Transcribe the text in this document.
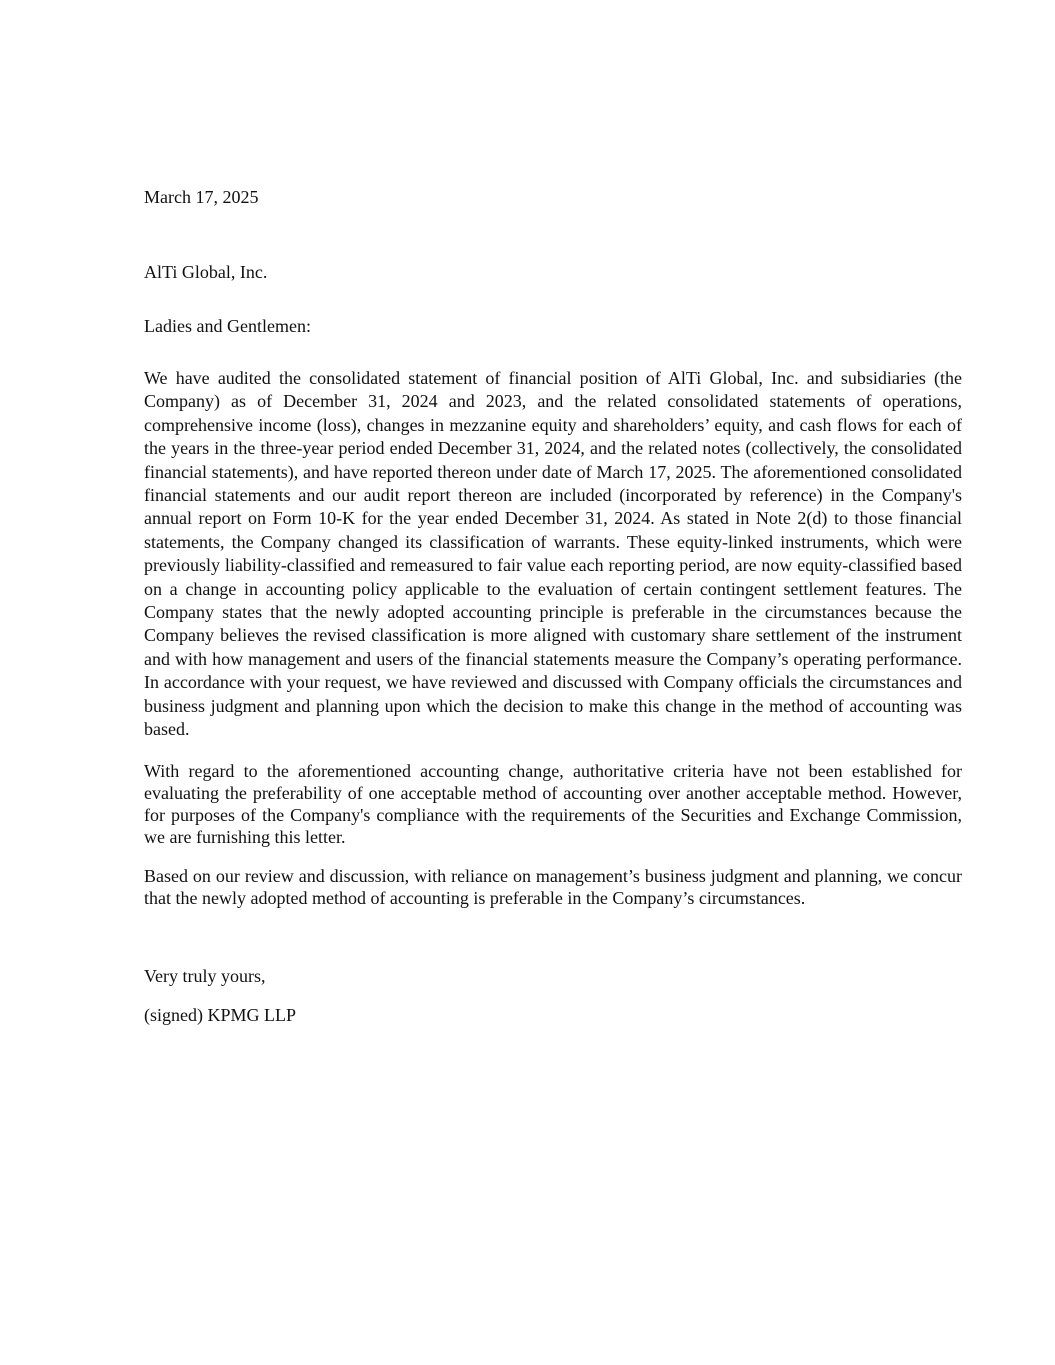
March 17, 2025

AlTi Global, Inc.

Ladies and Gentlemen:

We have audited the consolidated statement of financial position of AlTi Global, Inc. and subsidiaries (the Company) as of December 31, 2024 and 2023, and the related consolidated statements of operations, comprehensive income (loss), changes in mezzanine equity and shareholders’ equity, and cash flows for each of the years in the three-year period ended December 31, 2024, and the related notes (collectively, the consolidated financial statements), and have reported thereon under date of March 17, 2025. The aforementioned consolidated financial statements and our audit report thereon are included (incorporated by reference) in the Company's annual report on Form 10-K for the year ended December 31, 2024. As stated in Note 2(d) to those financial statements, the Company changed its classification of warrants. These equity-linked instruments, which were previously liability-classified and remeasured to fair value each reporting period, are now equity-classified based on a change in accounting policy applicable to the evaluation of certain contingent settlement features. The Company states that the newly adopted accounting principle is preferable in the circumstances because the Company believes the revised classification is more aligned with customary share settlement of the instrument and with how management and users of the financial statements measure the Company’s operating performance. In accordance with your request, we have reviewed and discussed with Company officials the circumstances and business judgment and planning upon which the decision to make this change in the method of accounting was based.

With regard to the aforementioned accounting change, authoritative criteria have not been established for evaluating the preferability of one acceptable method of accounting over another acceptable method. However, for purposes of the Company's compliance with the requirements of the Securities and Exchange Commission, we are furnishing this letter.

Based on our review and discussion, with reliance on management’s business judgment and planning, we concur that the newly adopted method of accounting is preferable in the Company’s circumstances.

Very truly yours,

(signed) KPMG LLP
